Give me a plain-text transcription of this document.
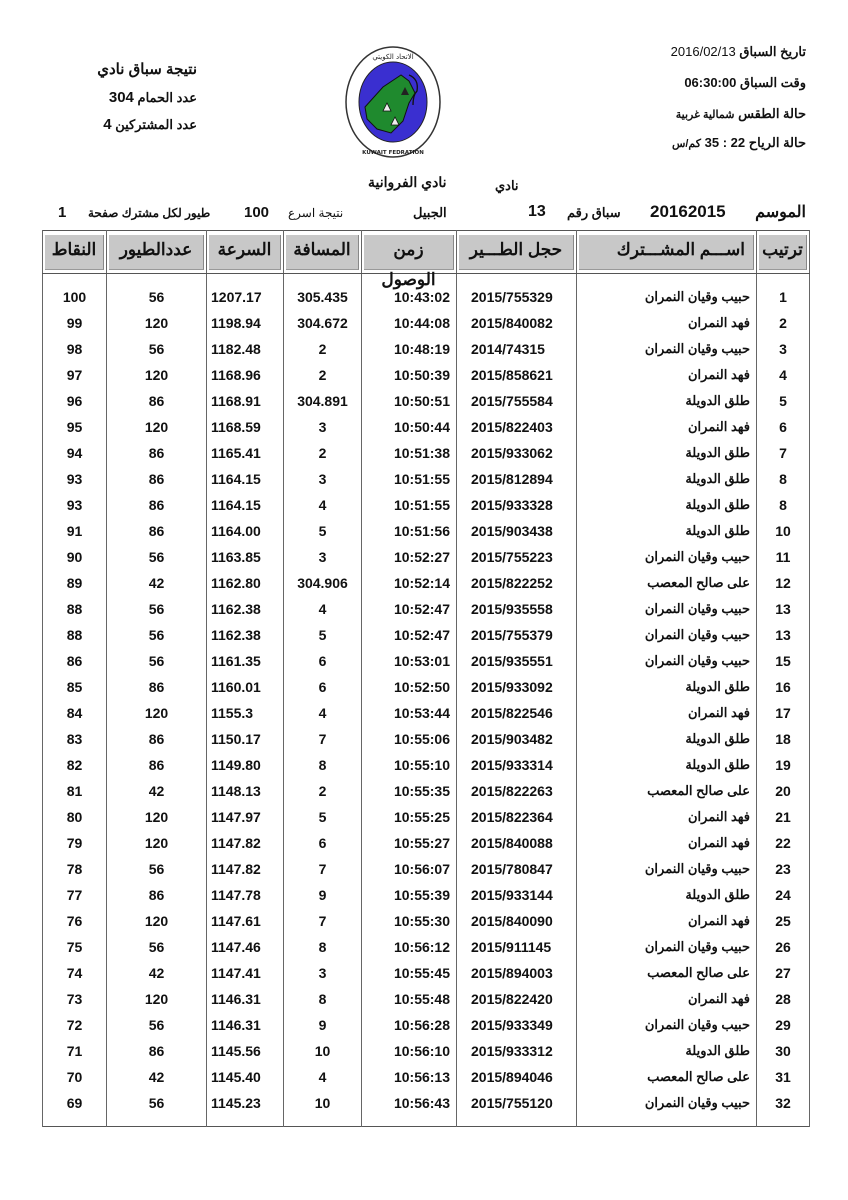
نتيجة سباق نادي
عدد الحمام 304
عدد المشتركين 4
الاتحاد الكويتي
KUWAIT FEDRATION
تاريخ السباق 2016/02/13
وقت السباق 06:30:00
حالة الطقس شمالية غربية
حالة الرياح 22 : 35 كم/س
نادي
نادي الفروانية
الموسم
20162015
سباق رقم
13
الجبيل
نتيجة اسرع
100
طيور لكل مشترك صفحة
1
ترتيب	اســـم المشـــترك	حجل الطـــير	زمن الوصول	المسافة	السرعة	عددالطيور	النقاط

1	حبيب وقيان النمران	2015/755329	10:43:02	305.435	1207.17	56	100
2	فهد النمران	2015/840082	10:44:08	304.672	1198.94	120	99
3	حبيب وقيان النمران	2014/74315	10:48:19	2	1182.48	56	98
4	فهد النمران	2015/858621	10:50:39	2	1168.96	120	97
5	طلق الدويلة	2015/755584	10:50:51	304.891	1168.91	86	96
6	فهد النمران	2015/822403	10:50:44	3	1168.59	120	95
7	طلق الدويلة	2015/933062	10:51:38	2	1165.41	86	94
8	طلق الدويلة	2015/812894	10:51:55	3	1164.15	86	93
8	طلق الدويلة	2015/933328	10:51:55	4	1164.15	86	93
10	طلق الدويلة	2015/903438	10:51:56	5	1164.00	86	91
11	حبيب وقيان النمران	2015/755223	10:52:27	3	1163.85	56	90
12	على صالح المعصب	2015/822252	10:52:14	304.906	1162.80	42	89
13	حبيب وقيان النمران	2015/935558	10:52:47	4	1162.38	56	88
13	حبيب وقيان النمران	2015/755379	10:52:47	5	1162.38	56	88
15	حبيب وقيان النمران	2015/935551	10:53:01	6	1161.35	56	86
16	طلق الدويلة	2015/933092	10:52:50	6	1160.01	86	85
17	فهد النمران	2015/822546	10:53:44	4	1155.3	120	84
18	طلق الدويلة	2015/903482	10:55:06	7	1150.17	86	83
19	طلق الدويلة	2015/933314	10:55:10	8	1149.80	86	82
20	على صالح المعصب	2015/822263	10:55:35	2	1148.13	42	81
21	فهد النمران	2015/822364	10:55:25	5	1147.97	120	80
22	فهد النمران	2015/840088	10:55:27	6	1147.82	120	79
23	حبيب وقيان النمران	2015/780847	10:56:07	7	1147.82	56	78
24	طلق الدويلة	2015/933144	10:55:39	9	1147.78	86	77
25	فهد النمران	2015/840090	10:55:30	7	1147.61	120	76
26	حبيب وقيان النمران	2015/911145	10:56:12	8	1147.46	56	75
27	على صالح المعصب	2015/894003	10:55:45	3	1147.41	42	74
28	فهد النمران	2015/822420	10:55:48	8	1146.31	120	73
29	حبيب وقيان النمران	2015/933349	10:56:28	9	1146.31	56	72
30	طلق الدويلة	2015/933312	10:56:10	10	1145.56	86	71
31	على صالح المعصب	2015/894046	10:56:13	4	1145.40	42	70
32	حبيب وقيان النمران	2015/755120	10:56:43	10	1145.23	56	69
